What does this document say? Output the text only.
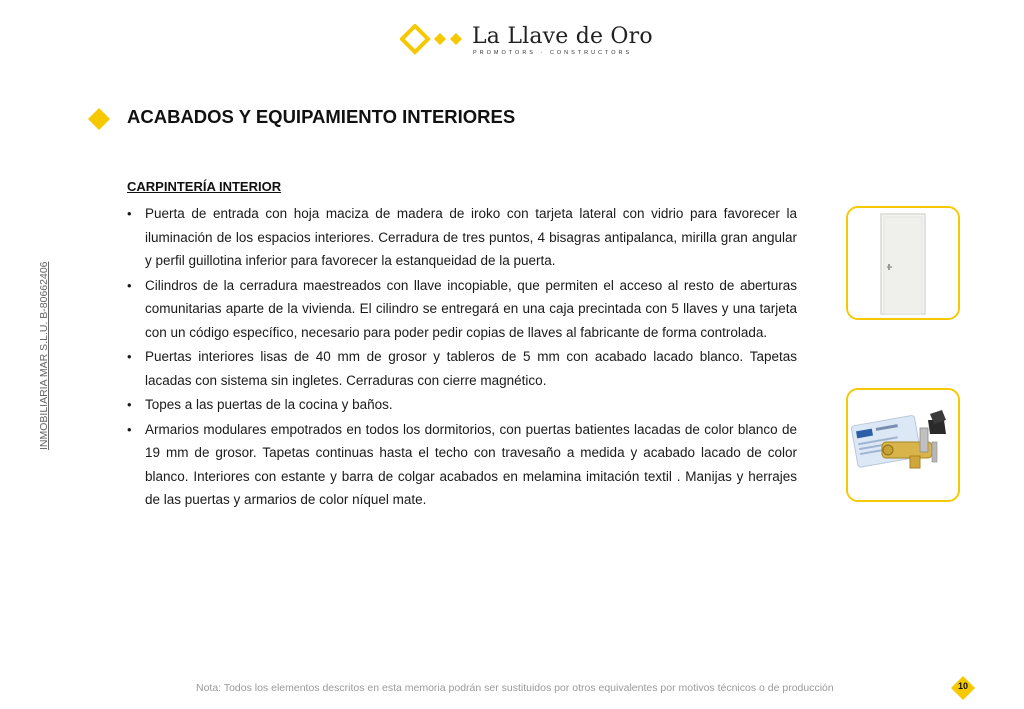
La Llave de Oro
PROMOTORS · CONSTRUCTORS
ACABADOS Y EQUIPAMIENTO INTERIORES
INMOBILIARIA MAR S.L.U. B-80662406
CARPINTERÍA INTERIOR
• Puerta de entrada con hoja maciza de madera de iroko con tarjeta lateral con vidrio para favorecer la iluminación de los espacios interiores. Cerradura de tres puntos, 4 bisagras antipalanca, mirilla gran angular y perfil guillotina inferior para favorecer la estanqueidad de la puerta.
• Cilindros de la cerradura maestreados con llave incopiable, que permiten el acceso al resto de aberturas comunitarias aparte de la vivienda. El cilindro se entregará en una caja precintada con 5 llaves y una tarjeta con un código específico, necesario para poder pedir copias de llaves al fabricante de forma controlada.
• Puertas interiores lisas de 40 mm de grosor y tableros de 5 mm con acabado lacado blanco. Tapetas lacadas con sistema sin ingletes. Cerraduras con cierre magnético.
• Topes a las puertas de la cocina y baños.
• Armarios modulares empotrados en todos los dormitorios, con puertas batientes lacadas de color blanco de 19 mm de grosor. Tapetas continuas hasta el techo con travesaño a medida y acabado lacado de color blanco. Interiores con estante y barra de colgar acabados en melamina imitación textil . Manijas y herrajes de las puertas y armarios de color níquel mate.
Nota: Todos los elementos descritos en esta memoria podrán ser sustituidos por otros equivalentes por motivos técnicos o de producción	10
